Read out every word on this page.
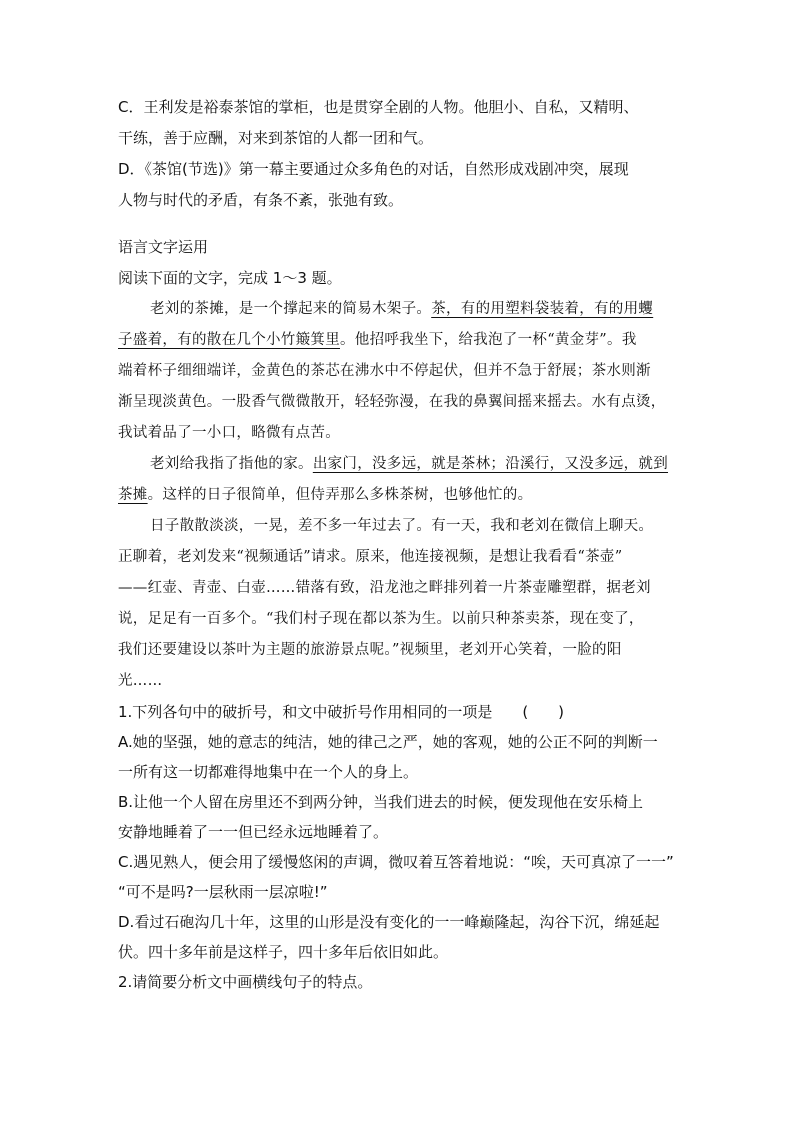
C．王利发是裕泰茶馆的掌柜，也是贯穿全剧的人物。他胆小、自私，又精明、
干练，善于应酬，对来到茶馆的人都一团和气。
D．《茶馆(节选)》第一幕主要通过众多角色的对话，自然形成戏剧冲突，展现
人物与时代的矛盾，有条不紊，张弛有致。
语言文字运用
阅读下面的文字，完成 1～3 题。
老刘的茶摊，是一个撑起来的简易木架子。茶，有的用塑料袋装着，有的用蠼
子盛着，有的散在几个小竹簸箕里。他招呼我坐下，给我泡了一杯“黄金芽”。我
端着杯子细细端详，金黄色的茶芯在沸水中不停起伏，但并不急于舒展；茶水则渐
渐呈现淡黄色。一股香气微微散开，轻轻弥漫，在我的鼻翼间摇来摇去。水有点烫，
我试着品了一小口，略微有点苦。
老刘给我指了指他的家。出家门，没多远，就是茶林；沿溪行，又没多远，就到
茶摊。这样的日子很简单，但侍弄那么多株茶树，也够他忙的。
日子散散淡淡，一晃，差不多一年过去了。有一天，我和老刘在微信上聊天。
正聊着，老刘发来“视频通话”请求。原来，他连接视频，是想让我看看“茶壶”
——红壶、青壶、白壶……错落有致，沿龙池之畔排列着一片茶壶雕塑群，据老刘
说，足足有一百多个。“我们村子现在都以茶为生。以前只种茶卖茶，现在变了，
我们还要建设以茶叶为主题的旅游景点呢。”视频里，老刘开心笑着，一脸的阳
光……
1.下列各句中的破折号，和文中破折号作用相同的一项是　　(　　)
A.她的坚强，她的意志的纯洁，她的律己之严，她的客观，她的公正不阿的判断一
一所有这一切都难得地集中在一个人的身上。
B.让他一个人留在房里还不到两分钟，当我们进去的时候，便发现他在安乐椅上
安静地睡着了一一但已经永远地睡着了。
C.遇见熟人，便会用了缓慢悠闲的声调，微叹着互答着地说：“唉，天可真凉了一一”
“可不是吗?一层秋雨一层凉啦!”
D.看过石砲沟几十年，这里的山形是没有变化的一一峰巅隆起，沟谷下沉，绵延起
伏。四十多年前是这样子，四十多年后依旧如此。
2.请简要分析文中画横线句子的特点。
